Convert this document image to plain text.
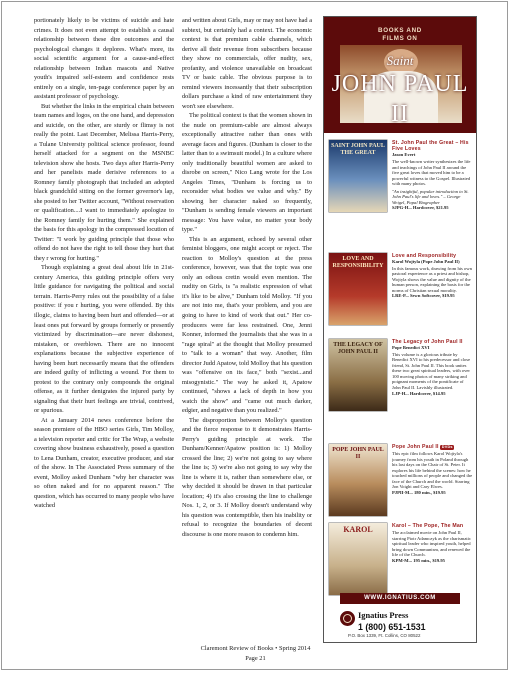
portionately likely to be victims of suicide and hate crimes. It does not even attempt to establish a causal relationship between these dire outcomes and the psychological changes it deplores. What's more, its social scientific argument for a cause-and-effect relationship between Indian mascots and Native youth's impaired self-esteem and confidence rests entirely on a single, ten-page conference paper by an assistant professor of psychology.

But whether the links in the empirical chain between team names and logos, on the one hand, and depression and suicide, on the other, are sturdy or flimsy is not really the point. Last December, Melissa Harris-Perry, a Tulane University political science professor, found herself attacked for a segment on the MSNBC television show she hosts. Two days after Harris-Perry and her panelists made derisive references to a Romney family photograph that included an adopted black grandchild sitting on the former governor's lap, she posted to her Twitter account, "Without reservation or qualification....I want to immediately apologize to the Romney family for hurting them." She explained the basis for this apology in the compressed locution of Twitter: "I work by guiding principle that those who offend do not have the right to tell those they hurt that they r wrong for hurting."

Though explaining a great deal about life in 21st-century America, this guiding principle offers very little guidance for navigating the political and social terrain. Harris-Perry rules out the possibility of a false positive: if you r hurting, you were offended. By this illogic, claims to having been hurt and offended—or at least ones put forward by groups formerly or presently victimized by discrimination—are never dishonest, mistaken, or overblown. There are no innocent explanations because the subjective experience of having been hurt necessarily means that the offenders are indeed guilty of inflicting a wound. For them to protest to the contrary only compounds the original offense, as it further denigrates the injured party by signaling that their hurt feelings are trivial, contrived, or spurious.

At a January 2014 news conference before the season premiere of the HBO series Girls, Tim Molloy, a television reporter and critic for The Wrap, a website covering show business exhaustively, posed a question to Lena Dunham, creator, executive producer, and star of the show. In The Associated Press summary of the event, Molloy asked Dunham "why her character was so often naked and for no apparent reason." The question, which has occurred to many people who have watched

and written about Girls, may or may not have had a subtext, but certainly had a context. The economic context is that premium cable channels, which derive all their revenue from subscribers because they show no commercials, offer nudity, sex, profanity, and violence unavailable on broadcast TV or basic cable. The obvious purpose is to remind viewers incessantly that their subscription dollars purchase a kind of raw entertainment they won't see elsewhere.

The political context is that the women shown in the nude on premium-cable are almost always exceptionally attractive rather than ones with average faces and figures. (Dunham is closer to the latter than to a swimsuit model.) In a culture where only traditionally beautiful women are asked to disrobe on screen," Nico Lang wrote for the Los Angeles Times, "Dunham is forcing us to reconsider what bodies we value and why." By showing her character naked so frequently, "Dunham is sending female viewers an important message: You have value, no matter your body type."

This is an argument, echoed by several other feminist bloggers, one might accept or reject. The reaction to Molloy's question at the press conference, however, was that the topic was one only an odious cretin would even mention. The nudity on Girls, is "a realistic expression of what it's like to be alive," Dunham told Molloy. "If you are not into me, that's your problem, and you are going to have to kind of work that out." Her co-producers were far less restrained. One, Jenni Konner, informed the journalists that she was in a "rage spiral" at the thought that Molloy presumed to "talk to a woman" that way. Another, film director Judd Apatow, told Molloy that his question was "offensive on its face," both "sexist...and misogynistic." The way he asked it, Apatow continued, "shows a lack of depth in how you watch the show" and "came out much darker, edgier, and negative than you realized."

The disproportion between Molloy's question and the fierce response to it demonstrates Harris-Perry's guiding principle at work. The Dunham/Kenner/Apatow position is: 1) Molloy crossed the line; 2) we're not going to say where the line is; 3) we're also not going to say why the line is where it is, rather than somewhere else, or why decided it should be drawn in that particular location; 4) it's also crossing the line to challenge Nos. 1, 2, or 3. If Molloy doesn't understand why his question was contemptible, then his inability or refusal to recognize the boundaries of decent discourse is one more reason to condemn him.

BOOKS AND
FILMS ON
Saint
JOHN PAUL II
SAINT JOHN PAUL THE GREAT
St. John Paul the Great – His Five Loves
Jason Evert
The well-known writer synthesizes the life and teachings of John Paul II around the five great loves that moved him to be a powerful witness to the Gospel. Illustrated with many photos.
"An insightful, popular introduction to St. John Paul's life and loves." – George Weigel, Papal Biographer
SJPG-H... Hardcover, $21.95
LOVE AND RESPONSIBILITY
Love and Responsibility
Karol Wojtyla (Pope John Paul II)
In this famous work, drawing from his own pastoral experience as a priest and bishop, Wojtyla shows the value and dignity of the human person, explaining the basis for the norms of Christian sexual morality.
LRE-P... Sewn Softcover, $19.95
THE LEGACY OF JOHN PAUL II
The Legacy of John Paul II
Pope Benedict XVI
This volume is a glorious tribute by Benedict XVI to his predecessor and close friend, St. John Paul II. This book unites these two great spiritual leaders, with over 100 moving photos of many striking and poignant moments of the pontificate of John Paul II. Lavishly illustrated.
LJP-H... Hardcover, $14.95
POPE JOHN PAUL II
Pope John Paul II DVDs
This epic film follows Karol Wojtyla's journey from his youth in Poland through his last days on the Chair of St. Peter. It explores his life behind the scenes: how he touched millions of people and changed the face of the Church and the world. Starring Jon Voight and Cary Elwes.
PJPII-M... 180 min., $19.95
KAROL	Karol – The Pope, The Man
The acclaimed movie on John Paul II, starring Piotr Adamczyk as the charismatic spiritual leader who inspired youth, helped bring down Communism, and renewed the life of the Church.
KPM-M... 195 min., $19.95
WWW.IGNATIUS.COM
Ignatius Press
1 (800) 651-1531
P.O. Box 1339, Ft. Collins, CO 80522
Claremont Review of Books • Spring 2014
Page 21
